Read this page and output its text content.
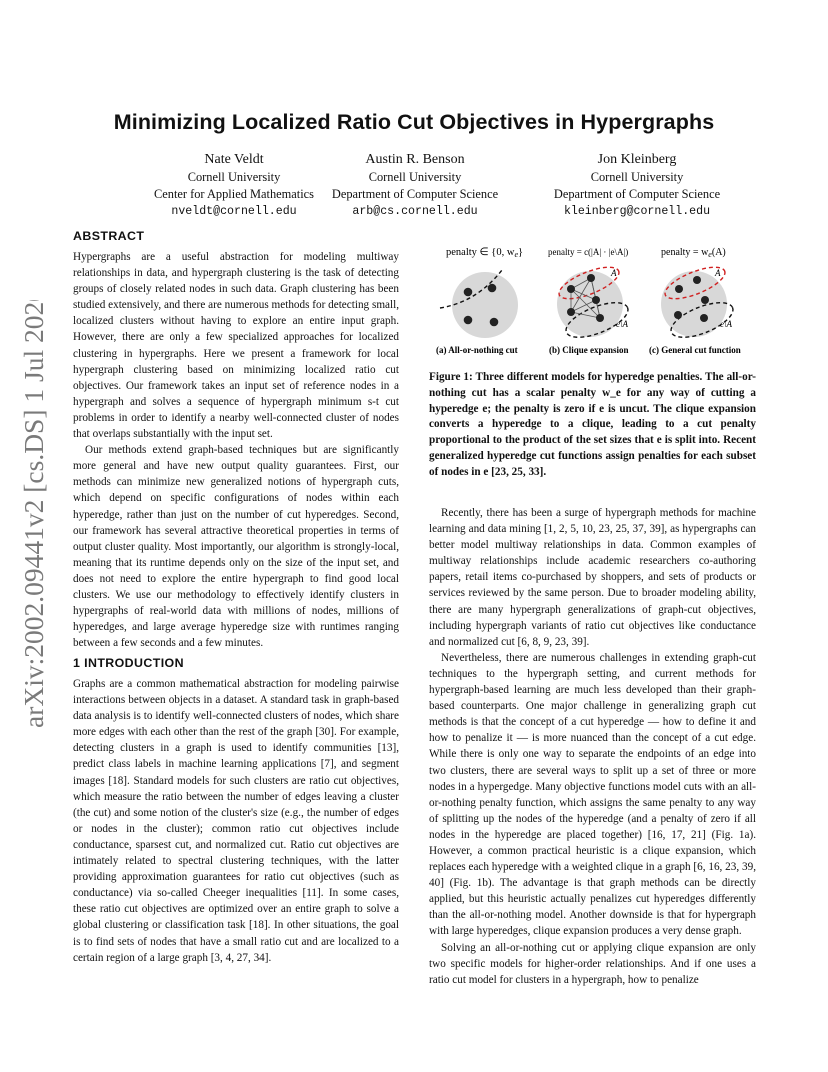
arXiv:2002.09441v2 [cs.DS] 1 Jul 2020
Minimizing Localized Ratio Cut Objectives in Hypergraphs
Nate Veldt
Cornell University
Center for Applied Mathematics
nveldt@cornell.edu
Austin R. Benson
Cornell University
Department of Computer Science
arb@cs.cornell.edu
Jon Kleinberg
Cornell University
Department of Computer Science
kleinberg@cornell.edu
ABSTRACT

Hypergraphs are a useful abstraction for modeling multiway relationships in data, and hypergraph clustering is the task of detecting groups of closely related nodes in such data. Graph clustering has been studied extensively, and there are numerous methods for detecting small, localized clusters without having to explore an entire input graph. However, there are only a few specialized approaches for localized clustering in hypergraphs. Here we present a framework for local hypergraph clustering based on minimizing localized ratio cut objectives. Our framework takes an input set of reference nodes in a hypergraph and solves a sequence of hypergraph minimum s-t cut problems in order to identify a nearby well-connected cluster of nodes that overlaps substantially with the input set.

Our methods extend graph-based techniques but are significantly more general and have new output quality guarantees. First, our methods can minimize new generalized notions of hypergraph cuts, which depend on specific configurations of nodes within each hyperedge, rather than just on the number of cut hyperedges. Second, our framework has several attractive theoretical properties in terms of output cluster quality. Most importantly, our algorithm is strongly-local, meaning that its runtime depends only on the size of the input set, and does not need to explore the entire hypergraph to find good local clusters. We use our methodology to effectively identify clusters in hypergraphs of real-world data with millions of nodes, millions of hyperedges, and large average hyperedge size with runtimes ranging between a few seconds and a few minutes.

1 INTRODUCTION

Graphs are a common mathematical abstraction for modeling pairwise interactions between objects in a dataset. A standard task in graph-based data analysis is to identify well-connected clusters of nodes, which share more edges with each other than the rest of the graph [30]. For example, detecting clusters in a graph is used to identify communities [13], predict class labels in machine learning applications [7], and segment images [18]. Standard models for such clusters are ratio cut objectives, which measure the ratio between the number of edges leaving a cluster (the cut) and some notion of the cluster's size (e.g., the number of edges or nodes in the cluster); common ratio cut objectives include conductance, sparsest cut, and normalized cut. Ratio cut objectives are intimately related to spectral clustering techniques, with the latter providing approximation guarantees for ratio cut objectives (such as conductance) via so-called Cheeger inequalities [11]. In some cases, these ratio cut objectives are optimized over an entire graph to solve a global clustering or classification task [18]. In other situations, the goal is to find sets of nodes that have a small ratio cut and are localized to a certain region of a large graph [3, 4, 27, 34].

penalty ∈ {0, we}	penalty = c(|A| · |e\A|)	penalty = $w_e(A)$
A
e\A
A
e\A
(a) All-or-nothing cut	(b) Clique expansion (c) General cut function
Figure 1: Three different models for hyperedge penalties. The all-or-nothing cut has a scalar penalty w_e for any way of cutting a hyperedge e; the penalty is zero if e is uncut. The clique expansion converts a hyperedge to a clique, leading to a cut penalty proportional to the product of the set sizes that e is split into. Recent generalized hyperedge cut functions assign penalties for each subset of nodes in e [23, 25, 33].

Recently, there has been a surge of hypergraph methods for machine learning and data mining [1, 2, 5, 10, 23, 25, 37, 39], as hypergraphs can better model multiway relationships in data. Common examples of multiway relationships include academic researchers co-authoring papers, retail items co-purchased by shoppers, and sets of products or services reviewed by the same person. Due to broader modeling ability, there are many hypergraph generalizations of graph-cut objectives, including hypergraph variants of ratio cut objectives like conductance and normalized cut [6, 8, 9, 23, 39].

Nevertheless, there are numerous challenges in extending graph-cut techniques to the hypergraph setting, and current methods for hypergraph-based learning are much less developed than their graph-based counterparts. One major challenge in generalizing graph cut methods is that the concept of a cut hyperedge — how to define it and how to penalize it — is more nuanced than the concept of a cut edge. While there is only one way to separate the endpoints of an edge into two clusters, there are several ways to split up a set of three or more nodes in a hypergedge. Many objective functions model cuts with an all-or-nothing penalty function, which assigns the same penalty to any way of splitting up the nodes of the hyperedge (and a penalty of zero if all nodes in the hyperedge are placed together) [16, 17, 21] (Fig. 1a). However, a common practical heuristic is a clique expansion, which replaces each hyperedge with a weighted clique in a graph [6, 16, 23, 39, 40] (Fig. 1b). The advantage is that graph methods can be directly applied, but this heuristic actually penalizes cut hyperedges differently than the all-or-nothing model. Another downside is that for hypergraph with large hyperedges, clique expansion produces a very dense graph.

Solving an all-or-nothing cut or applying clique expansion are only two specific models for higher-order relationships. And if one uses a ratio cut model for clusters in a hypergraph, how to penalize
